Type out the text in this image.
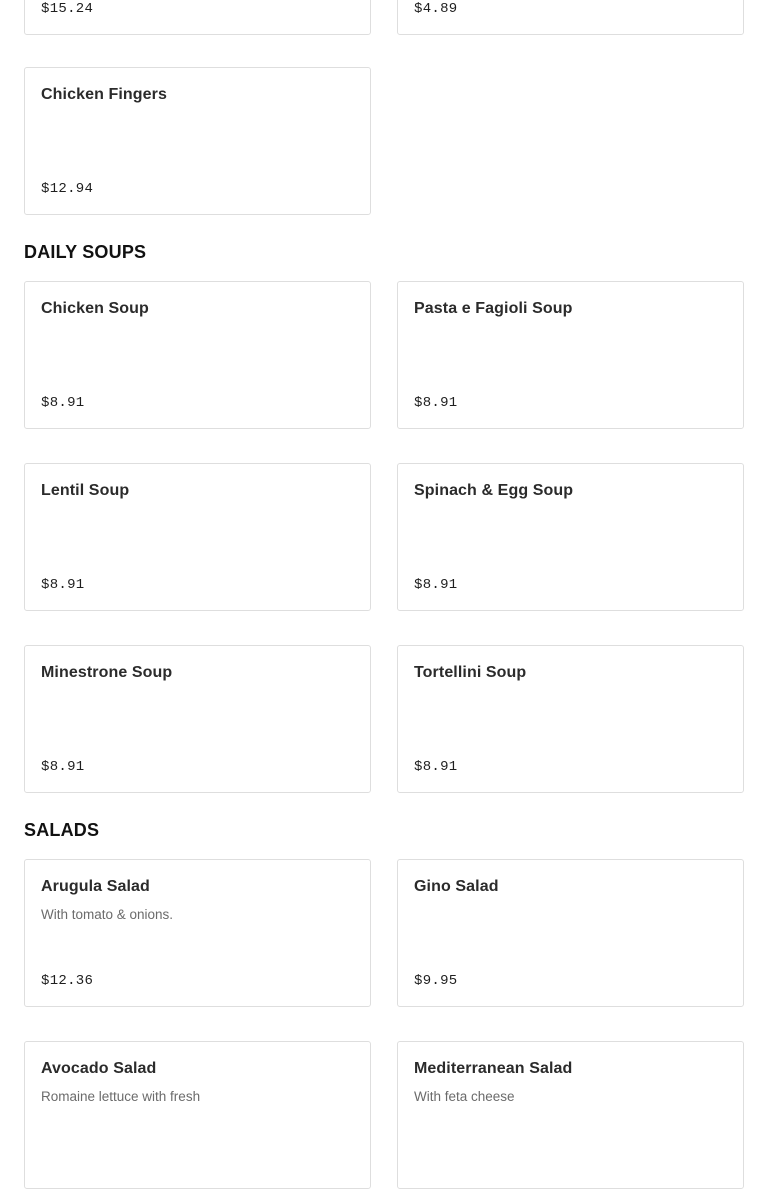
$15.24	$4.89
Chicken Fingers
$12.94
DAILY SOUPS
Chicken Soup
$8.91
Pasta e Fagioli Soup
$8.91
Lentil Soup
$8.91
Spinach & Egg Soup
$8.91
Minestrone Soup
$8.91
Tortellini Soup
$8.91
SALADS
Arugula Salad
With tomato & onions.
$12.36
Gino Salad
$9.95
Avocado Salad
Romaine lettuce with fresh
Mediterranean Salad
With feta cheese
